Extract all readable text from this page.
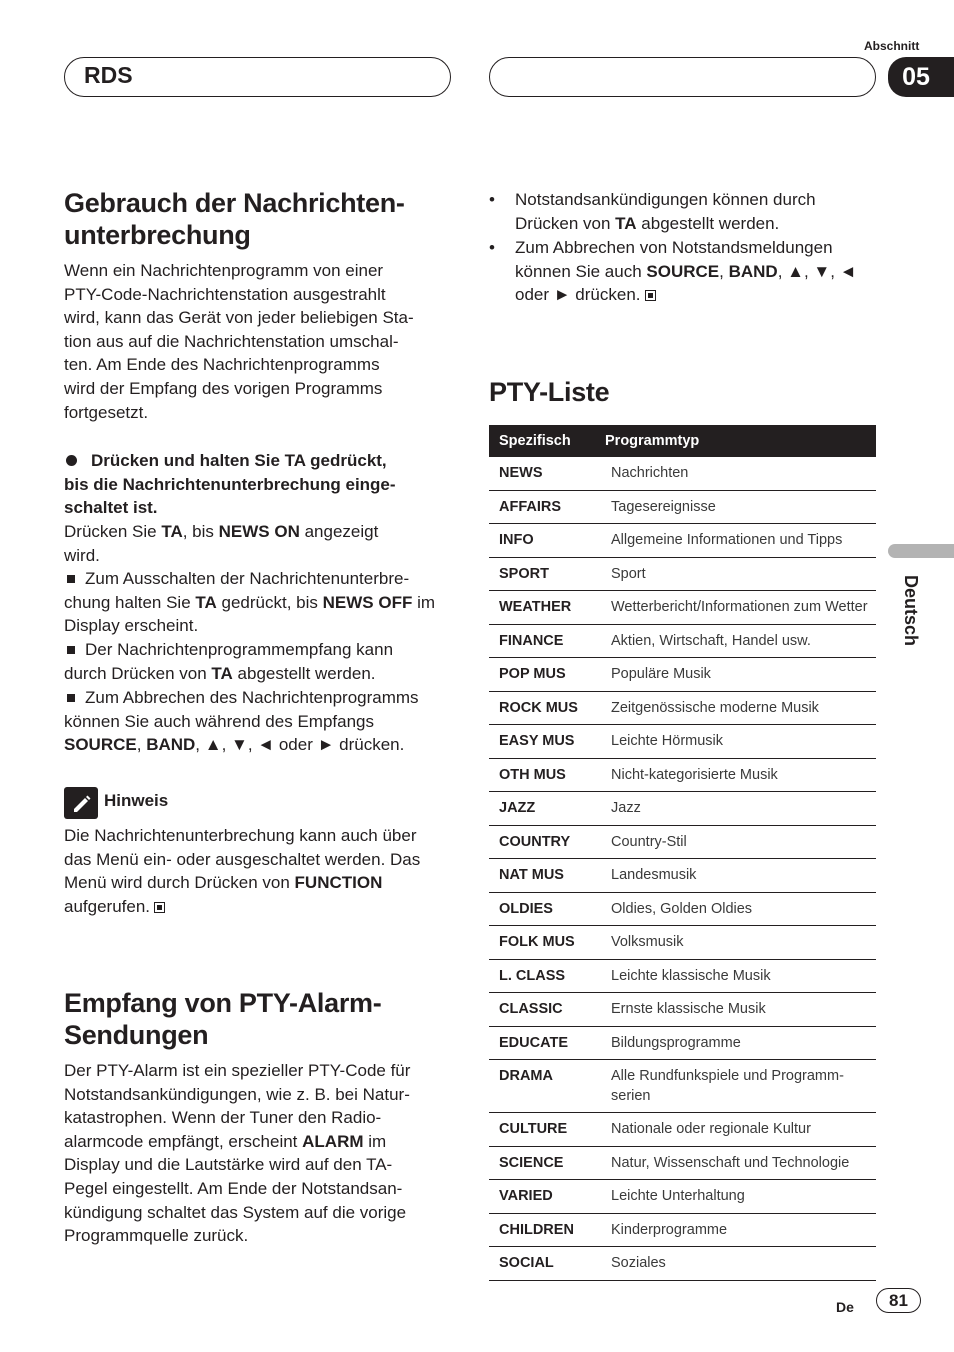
RDS
Abschnitt
05
Deutsch
Gebrauch der Nachrichten-
unterbrechung
Wenn ein Nachrichtenprogramm von einer
PTY-Code-Nachrichtenstation ausgestrahlt
wird, kann das Gerät von jeder beliebigen Sta-
tion aus auf die Nachrichtenstation umschal-
ten. Am Ende des Nachrichtenprogramms
wird der Empfang des vorigen Programms
fortgesetzt.
Drücken und halten Sie TA gedrückt,
bis die Nachrichtenunterbrechung einge-
schaltet ist.
Drücken Sie TA, bis NEWS ON angezeigt
wird.
Zum Ausschalten der Nachrichtenunterbre-
chung halten Sie TA gedrückt, bis NEWS OFF im
Display erscheint.
Der Nachrichtenprogrammempfang kann
durch Drücken von TA abgestellt werden.
Zum Abbrechen des Nachrichtenprogramms
können Sie auch während des Empfangs
SOURCE, BAND, ▲, ▼, ◄ oder ► drücken.
Hinweis
Die Nachrichtenunterbrechung kann auch über
das Menü ein- oder ausgeschaltet werden. Das
Menü wird durch Drücken von FUNCTION
aufgerufen.
Empfang von PTY-Alarm-
Sendungen
Der PTY-Alarm ist ein spezieller PTY-Code für
Notstandsankündigungen, wie z. B. bei Natur-
katastrophen. Wenn der Tuner den Radio-
alarmcode empfängt, erscheint ALARM im
Display und die Lautstärke wird auf den TA-
Pegel eingestellt. Am Ende der Notstandsan-
kündigung schaltet das System auf die vorige
Programmquelle zurück.
• Notstandsankündigungen können durch
Drücken von TA abgestellt werden.
• Zum Abbrechen von Notstandsmeldungen
können Sie auch SOURCE, BAND, ▲, ▼, ◄
oder ► drücken.
PTY-Liste
Spezifisch	Programmtyp
NEWS	Nachrichten
AFFAIRS	Tagesereignisse
INFO	Allgemeine Informationen und Tipps
SPORT	Sport
WEATHER	Wetterbericht/Informationen zum Wetter
FINANCE	Aktien, Wirtschaft, Handel usw.
POP MUS	Populäre Musik
ROCK MUS	Zeitgenössische moderne Musik
EASY MUS	Leichte Hörmusik
OTH MUS	Nicht-kategorisierte Musik
JAZZ	Jazz
COUNTRY	Country-Stil
NAT MUS	Landesmusik
OLDIES	Oldies, Golden Oldies
FOLK MUS	Volksmusik
L. CLASS	Leichte klassische Musik
CLASSIC	Ernste klassische Musik
EDUCATE	Bildungsprogramme
DRAMA	Alle Rundfunkspiele und Programm-serien
CULTURE	Nationale oder regionale Kultur
SCIENCE	Natur, Wissenschaft und Technologie
VARIED	Leichte Unterhaltung
CHILDREN	Kinderprogramme
SOCIAL	Soziales
De	81
